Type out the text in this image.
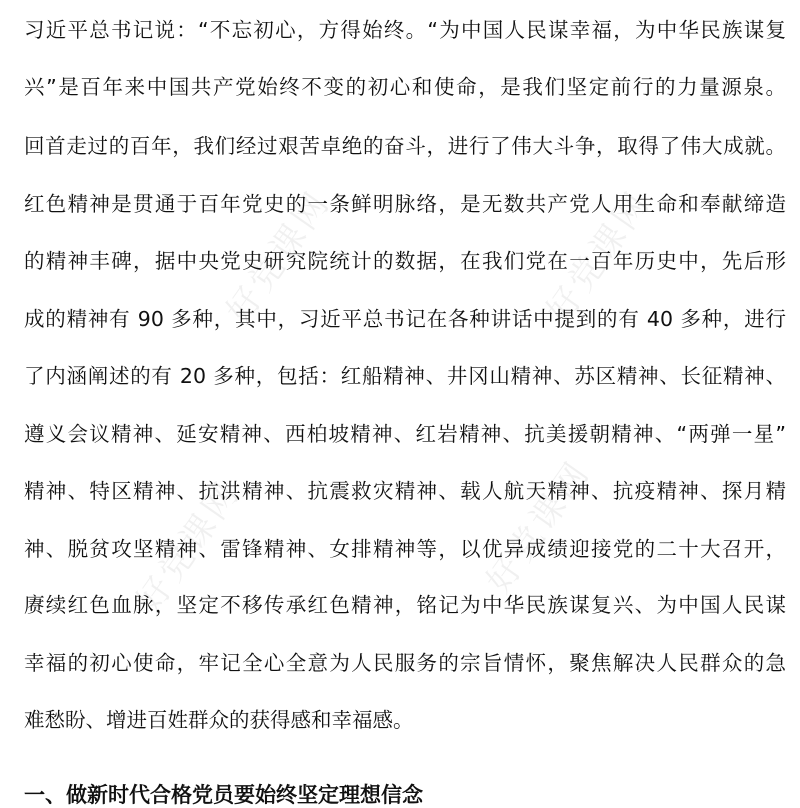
好党课网	好党课网
好党课网	好党课网
习近平总书记说：“不忘初心，方得始终。“为中国人民谋幸福，为中华民族谋复
兴”是百年来中国共产党始终不变的初心和使命，是我们坚定前行的力量源泉。
回首走过的百年，我们经过艰苦卓绝的奋斗，进行了伟大斗争，取得了伟大成就。
红色精神是贯通于百年党史的一条鲜明脉络，是无数共产党人用生命和奉献缔造
的精神丰碑，据中央党史研究院统计的数据，在我们党在一百年历史中，先后形
成的精神有 90 多种，其中，习近平总书记在各种讲话中提到的有 40 多种，进行
了内涵阐述的有 20 多种，包括：红船精神、井冈山精神、苏区精神、长征精神、
遵义会议精神、延安精神、西柏坡精神、红岩精神、抗美援朝精神、“两弹一星”
精神、特区精神、抗洪精神、抗震救灾精神、载人航天精神、抗疫精神、探月精
神、脱贫攻坚精神、雷锋精神、女排精神等，以优异成绩迎接党的二十大召开，
赓续红色血脉，坚定不移传承红色精神，铭记为中华民族谋复兴、为中国人民谋
幸福的初心使命，牢记全心全意为人民服务的宗旨情怀，聚焦解决人民群众的急
难愁盼、增进百姓群众的获得感和幸福感。
一、做新时代合格党员要始终坚定理想信念
